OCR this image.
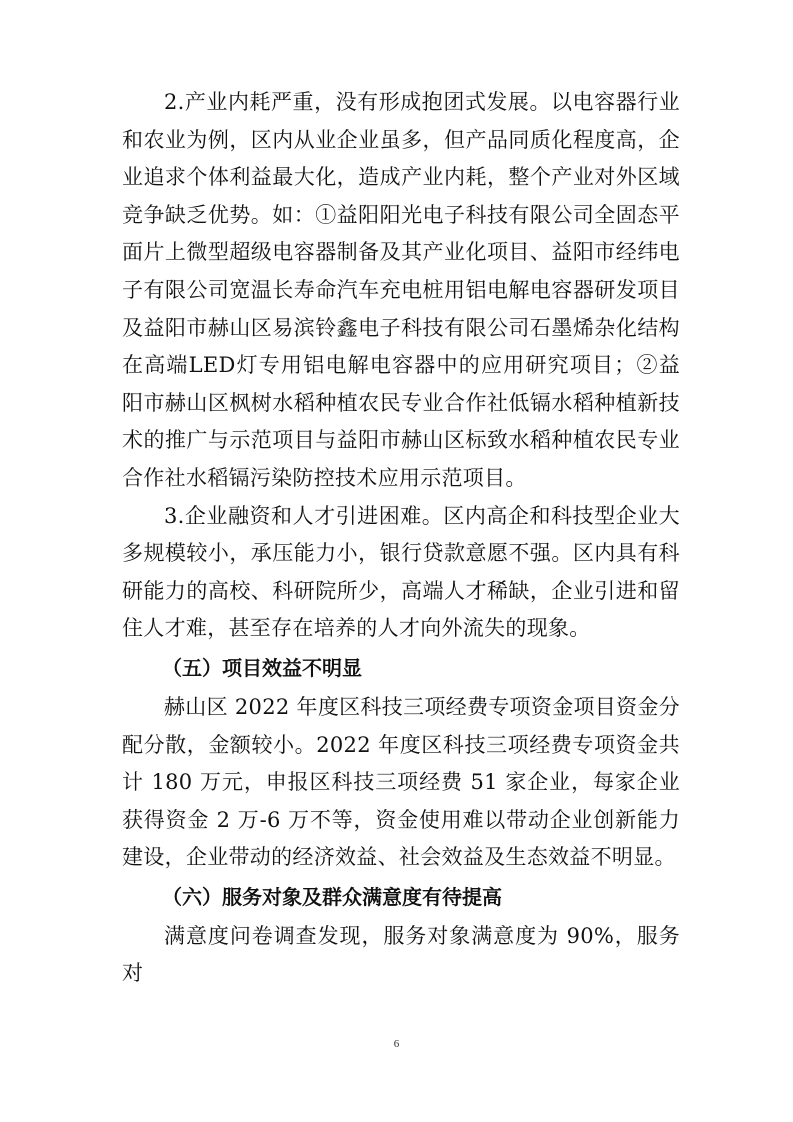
2.产业内耗严重，没有形成抱团式发展。以电容器行业和农业为例，区内从业企业虽多，但产品同质化程度高，企业追求个体利益最大化，造成产业内耗，整个产业对外区域竞争缺乏优势。如：①益阳阳光电子科技有限公司全固态平面片上微型超级电容器制备及其产业化项目、益阳市经纬电子有限公司宽温长寿命汽车充电桩用铝电解电容器研发项目及益阳市赫山区易滨铃鑫电子科技有限公司石墨烯杂化结构在高端LED灯专用铝电解电容器中的应用研究项目；②益阳市赫山区枫树水稻种植农民专业合作社低镉水稻种植新技术的推广与示范项目与益阳市赫山区标致水稻种植农民专业合作社水稻镉污染防控技术应用示范项目。

3.企业融资和人才引进困难。区内高企和科技型企业大多规模较小，承压能力小，银行贷款意愿不强。区内具有科研能力的高校、科研院所少，高端人才稀缺，企业引进和留住人才难，甚至存在培养的人才向外流失的现象。

（五）项目效益不明显

赫山区 2022 年度区科技三项经费专项资金项目资金分配分散，金额较小。2022 年度区科技三项经费专项资金共计 180 万元，申报区科技三项经费 51 家企业，每家企业获得资金 2 万-6 万不等，资金使用难以带动企业创新能力建设，企业带动的经济效益、社会效益及生态效益不明显。

（六）服务对象及群众满意度有待提高

满意度问卷调查发现，服务对象满意度为 90%，服务对

6
